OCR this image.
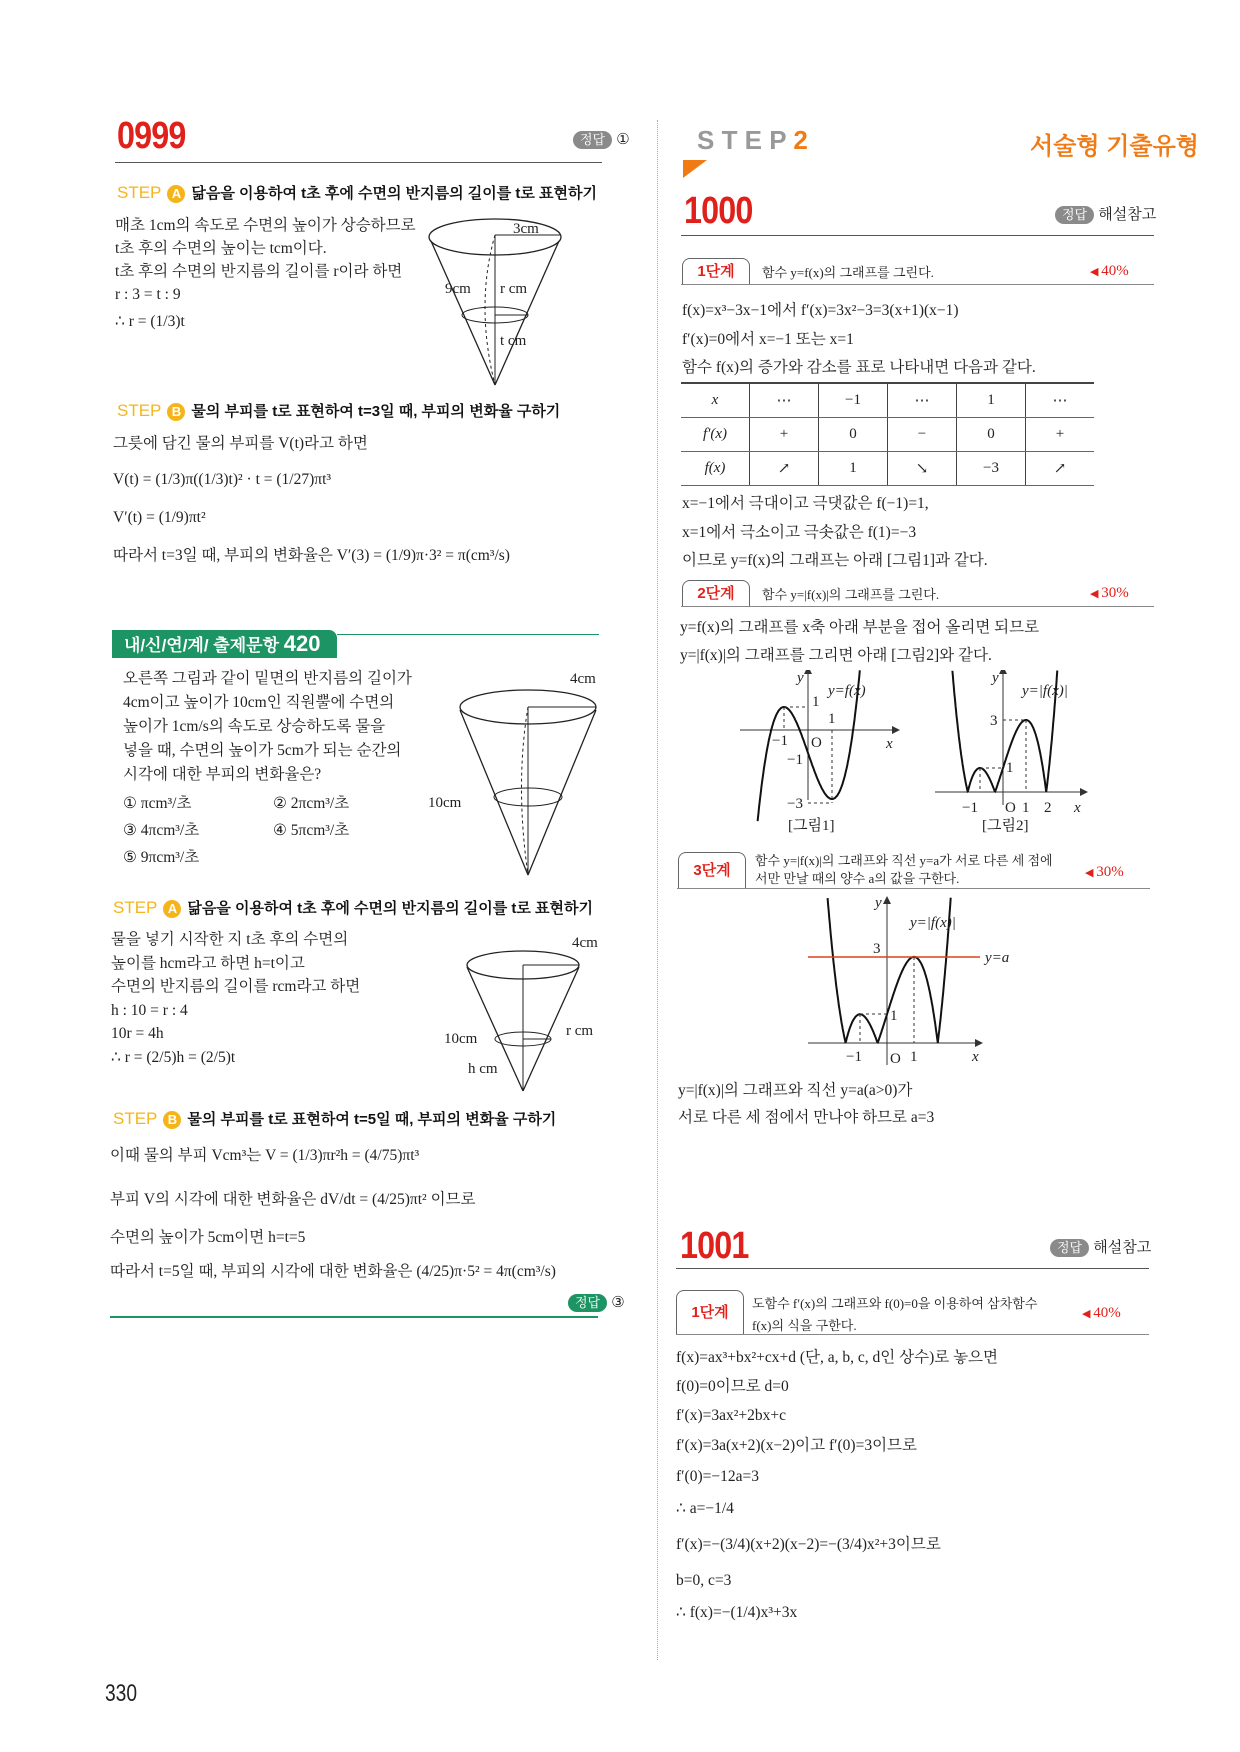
0999	정답 ①
STEP A 닮음을 이용하여 t초 후에 수면의 반지름의 길이를 t로 표현하기
매초 1cm의 속도로 수면의 높이가 상승하므로
t초 후의 수면의 높이는 tcm이다.
t초 후의 수면의 반지름의 길이를 r이라 하면
r : 3 = t : 9
∴ r = (1/3)t
3cm
9cm r cm
t cm
STEP B 물의 부피를 t로 표현하여 t=3일 때, 부피의 변화율 구하기
그릇에 담긴 물의 부피를 V(t)라고 하면
V(t) = (1/3)π((1/3)t)² · t = (1/27)πt³
V′(t) = (1/9)πt²
따라서 t=3일 때, 부피의 변화율은 V′(3) = (1/9)π·3² = π(cm³/s)
내/신/연/계/ 출제문항 420
오른쪽 그림과 같이 밑면의 반지름의 길이가
4cm이고 높이가 10cm인 직원뿔에 수면의
높이가 1cm/s의 속도로 상승하도록 물을
넣을 때, 수면의 높이가 5cm가 되는 순간의
시각에 대한 부피의 변화율은?
① πcm³/초	② 2πcm³/초
③ 4πcm³/초	④ 5πcm³/초
⑤ 9πcm³/초
4cm
10cm
STEP A 닮음을 이용하여 t초 후에 수면의 반지름의 길이를 t로 표현하기
물을 넣기 시작한 지 t초 후의 수면의
높이를 hcm라고 하면 h=t이고
수면의 반지름의 길이를 rcm라고 하면
h : 10 = r : 4
10r = 4h
∴ r = (2/5)h = (2/5)t
4cm
10cm	r cm
h cm
STEP B 물의 부피를 t로 표현하여 t=5일 때, 부피의 변화율 구하기
이때 물의 부피 Vcm³는 V = (1/3)πr²h = (4/75)πt³
부피 V의 시각에 대한 변화율은 dV/dt = (4/25)πt² 이므로
수면의 높이가 5cm이면 h=t=5
따라서 t=5일 때, 부피의 시각에 대한 변화율은 (4/25)π·5² = 4π(cm³/s)
정답 ③
330
S T E P 2	서술형 기출유형
1000	정답 해설참고
1단계	함수 y=f(x)의 그래프를 그린다.	◀ 40%
f(x)=x³−3x−1에서 f′(x)=3x²−3=3(x+1)(x−1)
f′(x)=0에서 x=−1 또는 x=1
함수 f(x)의 증가와 감소를 표로 나타내면 다음과 같다.
x	⋯	−1	⋯	1	⋯
f′(x)	+	0	−	0	+
f(x)	↗	1	↘	−3	↗
x=−1에서 극대이고 극댓값은 f(−1)=1,
x=1에서 극소이고 극솟값은 f(1)=−3
이므로 y=f(x)의 그래프는 아래 [그림1]과 같다.
2단계	함수 y=|f(x)|의 그래프를 그린다.	◀ 30%
y=f(x)의 그래프를 x축 아래 부분을 접어 올리면 되므로
y=|f(x)|의 그래프를 그리면 아래 [그림2]와 같다.
1
1
−1 O
−1
−3
x
y
y=f(x)
[그림1]
3
1
−1 O 1 2 x
y
y=|f(x)|
[그림2]
3단계
함수 y=|f(x)|의 그래프와 직선 y=a가 서로 다른 세 점에
서만 만날 때의 양수 a의 값을 구한다.	◀ 30%
3
1
−1 O 1	x
y
y=|f(x)|
y=a
y=|f(x)|의 그래프와 직선 y=a(a>0)가
서로 다른 세 점에서 만나야 하므로 a=3
1001	정답 해설참고
1단계
도함수 f′(x)의 그래프와 f(0)=0을 이용하여 삼차함수
f(x)의 식을 구한다.
◀ 40%
f(x)=ax³+bx²+cx+d (단, a, b, c, d인 상수)로 놓으면
f(0)=0이므로 d=0
f′(x)=3ax²+2bx+c
f′(x)=3a(x+2)(x−2)이고 f′(0)=3이므로
f′(0)=−12a=3
∴ a=−1/4
f′(x)=−(3/4)(x+2)(x−2)=−(3/4)x²+3이므로
b=0, c=3
∴ f(x)=−(1/4)x³+3x
